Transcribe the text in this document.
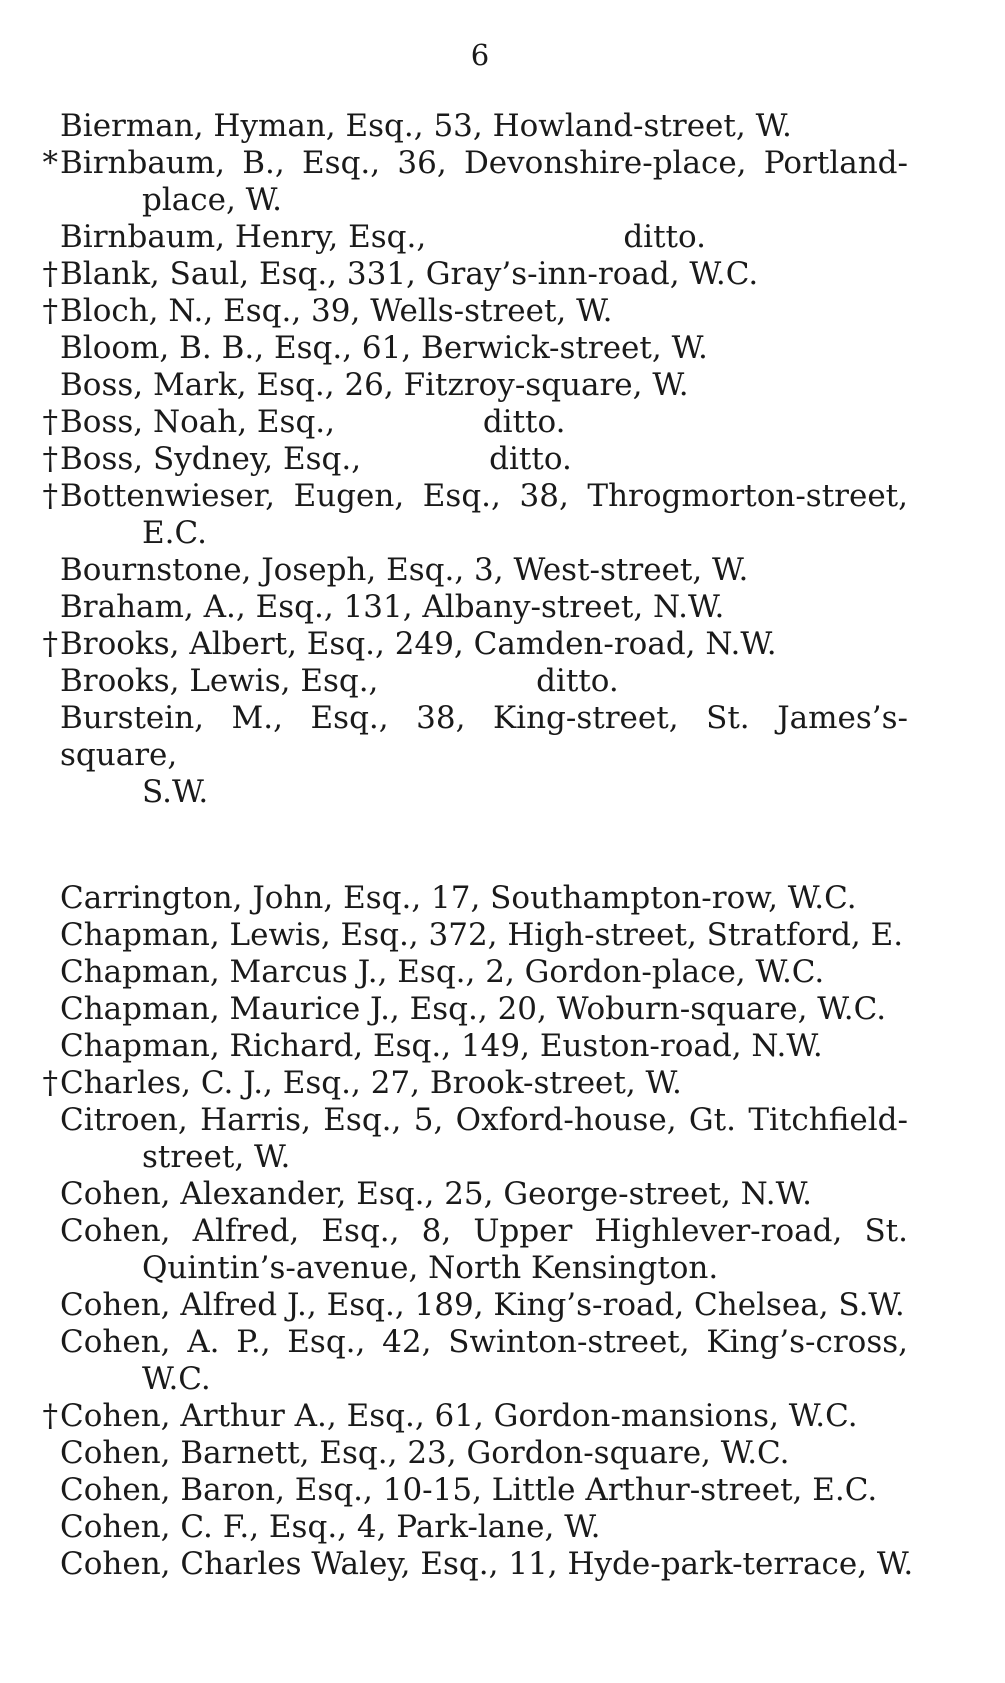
6
Bierman, Hyman, Esq., 53, Howland-street, W.
* Birnbaum, B., Esq., 36, Devonshire-place, Portland-
place, W.
Birnbaum, Henry, Esq.,                    ditto.
† Blank, Saul, Esq., 331, Gray’s-inn-road, W.C.
† Bloch, N., Esq., 39, Wells-street, W.
Bloom, B. B., Esq., 61, Berwick-street, W.
Boss, Mark, Esq., 26, Fitzroy-square, W.
† Boss, Noah, Esq.,               ditto.
† Boss, Sydney, Esq.,             ditto.
† Bottenwieser, Eugen, Esq., 38, Throgmorton-street,
E.C.
Bournstone, Joseph, Esq., 3, West-street, W.
Braham, A., Esq., 131, Albany-street, N.W.
† Brooks, Albert, Esq., 249, Camden-road, N.W.
Brooks, Lewis, Esq.,                ditto.
Burstein, M., Esq., 38, King-street, St. James’s-square,
S.W.
Carrington, John, Esq., 17, Southampton-row, W.C.
Chapman, Lewis, Esq., 372, High-street, Stratford, E.
Chapman, Marcus J., Esq., 2, Gordon-place, W.C.
Chapman, Maurice J., Esq., 20, Woburn-square, W.C.
Chapman, Richard, Esq., 149, Euston-road, N.W.
† Charles, C. J., Esq., 27, Brook-street, W.
Citroen, Harris, Esq., 5, Oxford-house, Gt. Titchfield-
street, W.
Cohen, Alexander, Esq., 25, George-street, N.W.
Cohen, Alfred, Esq., 8, Upper Highlever-road, St.
Quintin’s-avenue, North Kensington.
Cohen, Alfred J., Esq., 189, King’s-road, Chelsea, S.W.
Cohen, A. P., Esq., 42, Swinton-street, King’s-cross,
W.C.
† Cohen, Arthur A., Esq., 61, Gordon-mansions, W.C.
Cohen, Barnett, Esq., 23, Gordon-square, W.C.
Cohen, Baron, Esq., 10-15, Little Arthur-street, E.C.
Cohen, C. F., Esq., 4, Park-lane, W.
Cohen, Charles Waley, Esq., 11, Hyde-park-terrace, W.
